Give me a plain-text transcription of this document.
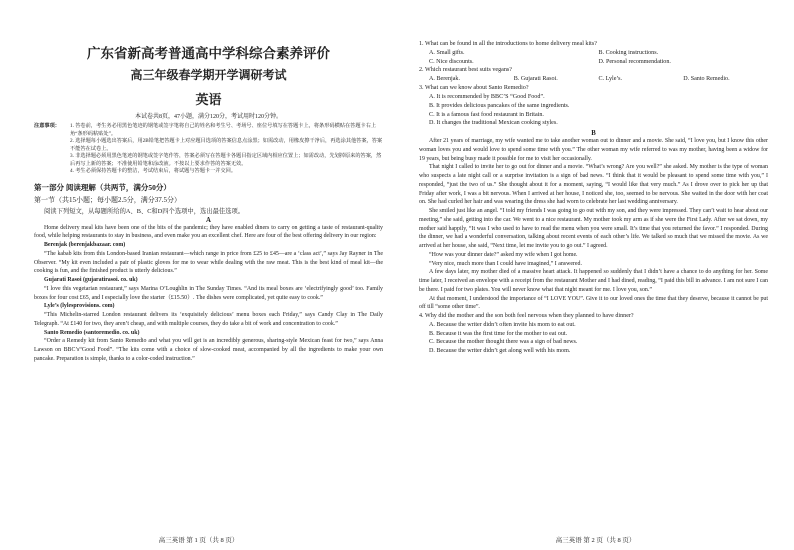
广东省新高考普通高中学科综合素养评价
高三年级春学期开学调研考试
英语
本试卷共8页，47小题，满分120分，考试用时120分钟。
注意事项： 1. 答卷前，考生务必用黑色笔迹的钢笔或签字笔将自己的姓名和考生号、考场号、座位号填写在答题卡上，将条形码横贴在答题卡右上角“条形码粘贴处”。
2. 选择题每小题选出答案后，用2B铅笔把答题卡上对应题目选项的答案信息点涂黑；如需改动，用橡皮擦干净后，再选涂其他答案，答案不能答在试卷上。
3. 非选择题必须用黑色笔迹的钢笔或签字笔作答，答案必须写在答题卡各题目指定区域内相应位置上；如需改动，先划掉原来的答案，然后再写上新的答案；不准使用铅笔和涂改液。不按以上要求作答的答案无效。
4. 考生必须保持答题卡的整洁，考试结束后，将试题与答题卡一并交回。
第一部分 阅读理解（共两节，满分50分）
第一节（共15小题；每小题2.5分，满分37.5分）
阅读下列短文，从每题所给的A、B、C和D四个选项中，选出最佳选项。
A

Home delivery meal kits have been one of the bits of the pandemic; they have enabled diners to carry on getting a taste of restaurant-quality food, while helping restaurants to stay in business, and even make you an excellent chef. Here are four of the best offering delivery in our region:

Berenjak (berenjakbazaar. com)

“The kabab kits from this London-based Iranian restaurant—which range in price from £25 to £45—are a ‘class act’,” says Jay Rayner in The Observer. “My kit even included a pair of plastic gloves for me to wear while dealing with the raw meat. This is the best kind of meal kit—the cooking is fun, and the finished product is utterly delicious.”

Gujarati Rasoi (gujaratirasoi. co. uk)

“I love this vegetarian restaurant,” says Marina O’Loughlin in The Sunday Times. “And its meal boxes are ‘electrifyingly good’ too. Family boxes for four cost £65, and I especially love the starter（£15.50）. The dishes were complicated, yet quite easy to cook.”

Lyle’s (lylesprovisions. com)

“This Michelin-starred London restaurant delivers its ‘exquisitely delicious’ menu boxes each Friday,” says Candy Clay in The Daily Telegraph. “At £140 for two, they aren’t cheap, and with multiple courses, they do take a bit of work and concentration to cook.”

Santo Remedio (santoremedio. co. uk)

“Order a Remedy kit from Santo Remedio and what you will get is an incredibly generous, sharing-style Mexican feast for two,” says Anna Lawson on BBC’s“Good Food”. “The kits come with a choice of slow-cooked meat, accompanied by all the ingredients to make your own pancake. Preparation is simple, thanks to a color-coded instruction.”

高三英语 第 1 页（共 8 页）
1. What can be found in all the introductions to home delivery meal kits?
A. Small gifts.	B. Cooking instructions.
C. Nice discounts.	D. Personal recommendation.
2. Which restaurant best suits vegans?
A. Berenjak.	B. Gujarati Rasoi.	C. Lyle’s.	D. Santo Remedio.
3. What can we know about Santo Remedio?
A. It is recommended by BBC’S “Good Food”.
B. It provides delicious pancakes of the same ingredients.
C. It is a famous fast food restaurant in Britain.
D. It changes the traditional Mexican cooking styles.
B

After 21 years of marriage, my wife wanted me to take another woman out to dinner and a movie. She said, “I love you, but I know this other woman loves you and would love to spend some time with you.” The other woman my wife referred to was my mother, having been a widow for 19 years, but being busy made it possible for me to visit her occasionally.

That night I called to invite her to go out for dinner and a movie. “What’s wrong? Are you well?” she asked. My mother is the type of woman who suspects a late night call or a surprise invitation is a sign of bad news. “I think that it would be pleasant to spend some time with you,” I responded, “just the two of us.” She thought about it for a moment, saying, “I would like that very much.” As I drove over to pick her up that Friday after work, I was a bit nervous. When I arrived at her house, I noticed she, too, seemed to be nervous. She waited in the door with her coat on. She had curled her hair and was wearing the dress she had worn to celebrate her last wedding anniversary.

She smiled just like an angel. “I told my friends I was going to go out with my son, and they were impressed. They can’t wait to hear about our meeting,” she said, getting into the car. We went to a nice restaurant. My mother took my arm as if she were the First Lady. After we sat down, my mother said happily, “It was I who used to have to read the menu when you were small. It’s time that you returned the favor.” I responded. During the dinner, we had a wonderful conversation, talking about recent events of each other’s life. We talked so much that we missed the movie. As we arrived at her house, she said, “Next time, let me invite you to go out.” I agreed.

“How was your dinner date?” asked my wife when I got home.

“Very nice, much more than I could have imagined,” I answered.

A few days later, my mother died of a massive heart attack. It happened so suddenly that I didn’t have a chance to do anything for her. Some time later, I received an envelope with a receipt from the restaurant Mother and I had dined, reading, “I paid this bill in advance. I am not sure I can be there. I paid for two plates. You will never know what that night meant for me. I love you, son.”

At that moment, I understood the importance of “I LOVE YOU”. Give it to our loved ones the time that they deserve, because it cannot be put off till “some other time”.

4. Why did the mother and the son both feel nervous when they planned to have dinner?
A. Because the writer didn’t often invite his mom to eat out.
B. Because it was the first time for the mother to eat out.
C. Because the mother thought there was a sign of bad news.
D. Because the writer didn’t get along well with his mom.
高三英语 第 2 页（共 8 页）
